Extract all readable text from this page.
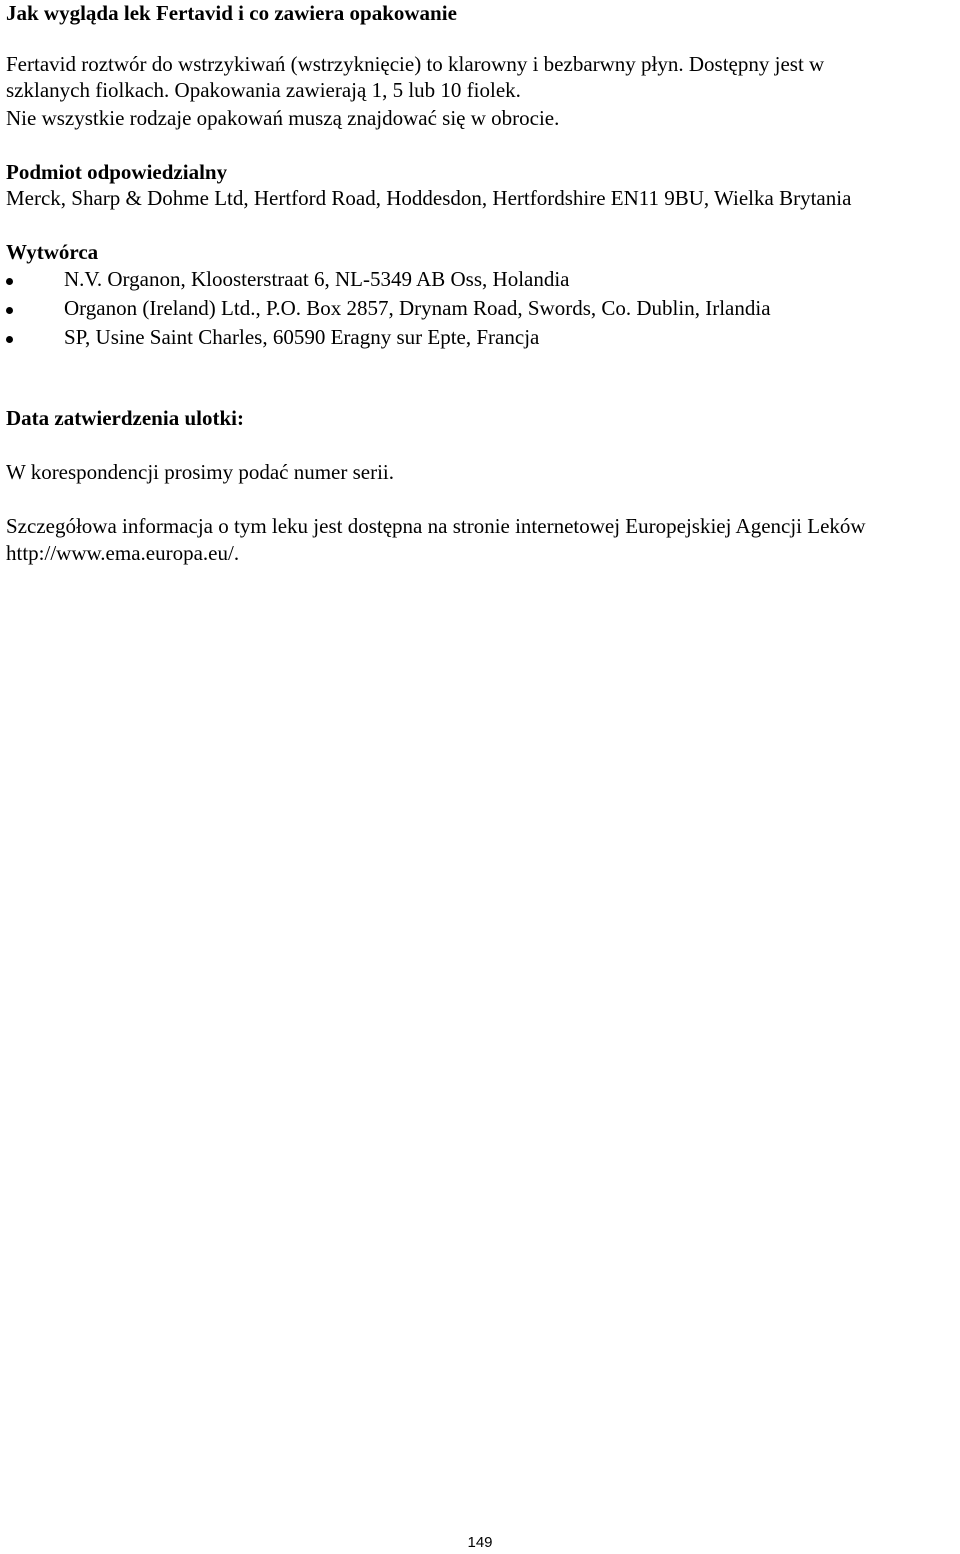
Jak wygląda lek Fertavid i co zawiera opakowanie
Fertavid roztwór do wstrzykiwań (wstrzyknięcie) to klarowny i bezbarwny płyn. Dostępny jest w
szklanych fiolkach. Opakowania zawierają 1, 5 lub 10 fiolek.
Nie wszystkie rodzaje opakowań muszą znajdować się w obrocie.
Podmiot odpowiedzialny
Merck, Sharp & Dohme Ltd, Hertford Road, Hoddesdon, Hertfordshire EN11 9BU, Wielka Brytania
Wytwórca
N.V. Organon, Kloosterstraat 6, NL-5349 AB Oss, Holandia
Organon (Ireland) Ltd., P.O. Box 2857, Drynam Road, Swords, Co. Dublin, Irlandia
SP, Usine Saint Charles, 60590 Eragny sur Epte, Francja
Data zatwierdzenia ulotki:
W korespondencji prosimy podać numer serii.
Szczegółowa informacja o tym leku jest dostępna na stronie internetowej Europejskiej Agencji Leków
http://www.ema.europa.eu/.
149
